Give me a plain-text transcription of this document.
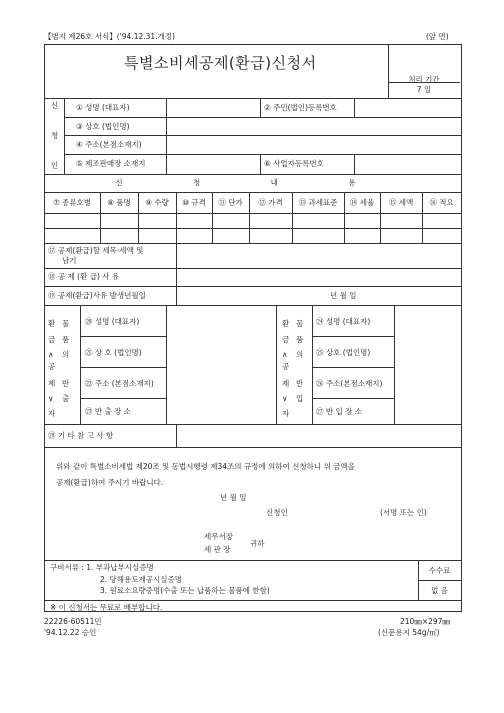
【별지 제26호 서식】('94.12.31.개정)	(앞 면)
특별소비세공제(환급)신청서
처리 기간
7 일
신
청
인
① 성명 (대표자)	② 주민(법인)등록번호
③ 상호 (법인명)
④ 주소(본점소재지)
⑤ 제조판매장 소재지	⑥ 사업자등록번호
신 청 내 용
⑦ 종류호별	⑧ 품명	⑨ 수량	⑩ 규격	⑪ 단가	⑫ 가격	⑬ 과세표준	⑭ 세율	⑮ 세액	⑯ 적요
⑰ 공제(환급)할 세목·세액 및
남기
⑱ 공 제 (환 급) 사 유
⑲ 공제(환급)사유 발생년월일	년 월 일
환
금
∧
공
제
∨
자
물
품
의
반
출
⑳ 성명 (대표자)
㉑ 상 호 (법인명)
㉒ 주소 (본점소재지)
㉓ 반 출 장 소
환
금
∧
공
제
∨
자
물
품
의
반
입
㉔ 성명 (대표자)
㉕ 상호 (법인명)
㉖ 주소(본점소재지)
㉗ 반 입 장 소
㉘ 기 타 참 고 사 항
위와 같이 특별소비세법 제20조 및 동법시행령 제34조의 규정에 의하여 신청하니 위 금액을
공제(환급)하여 주시기 바랍니다.
년 월 일
신청인	(서명 또는 인)
세무서장
세 관 장
귀하
구비서류 : 1. 부과납부시실증명
2. 당해용도제공시실증명
3. 원료소요량증명(수출 또는 납품하는 물품에 한함)
수수료
없 음
※ 이 신청서는 무료로 배부합니다.
22226-60511민
'94.12.22 승인
210㎜×297㎜
(신문용지 54g/㎡)
